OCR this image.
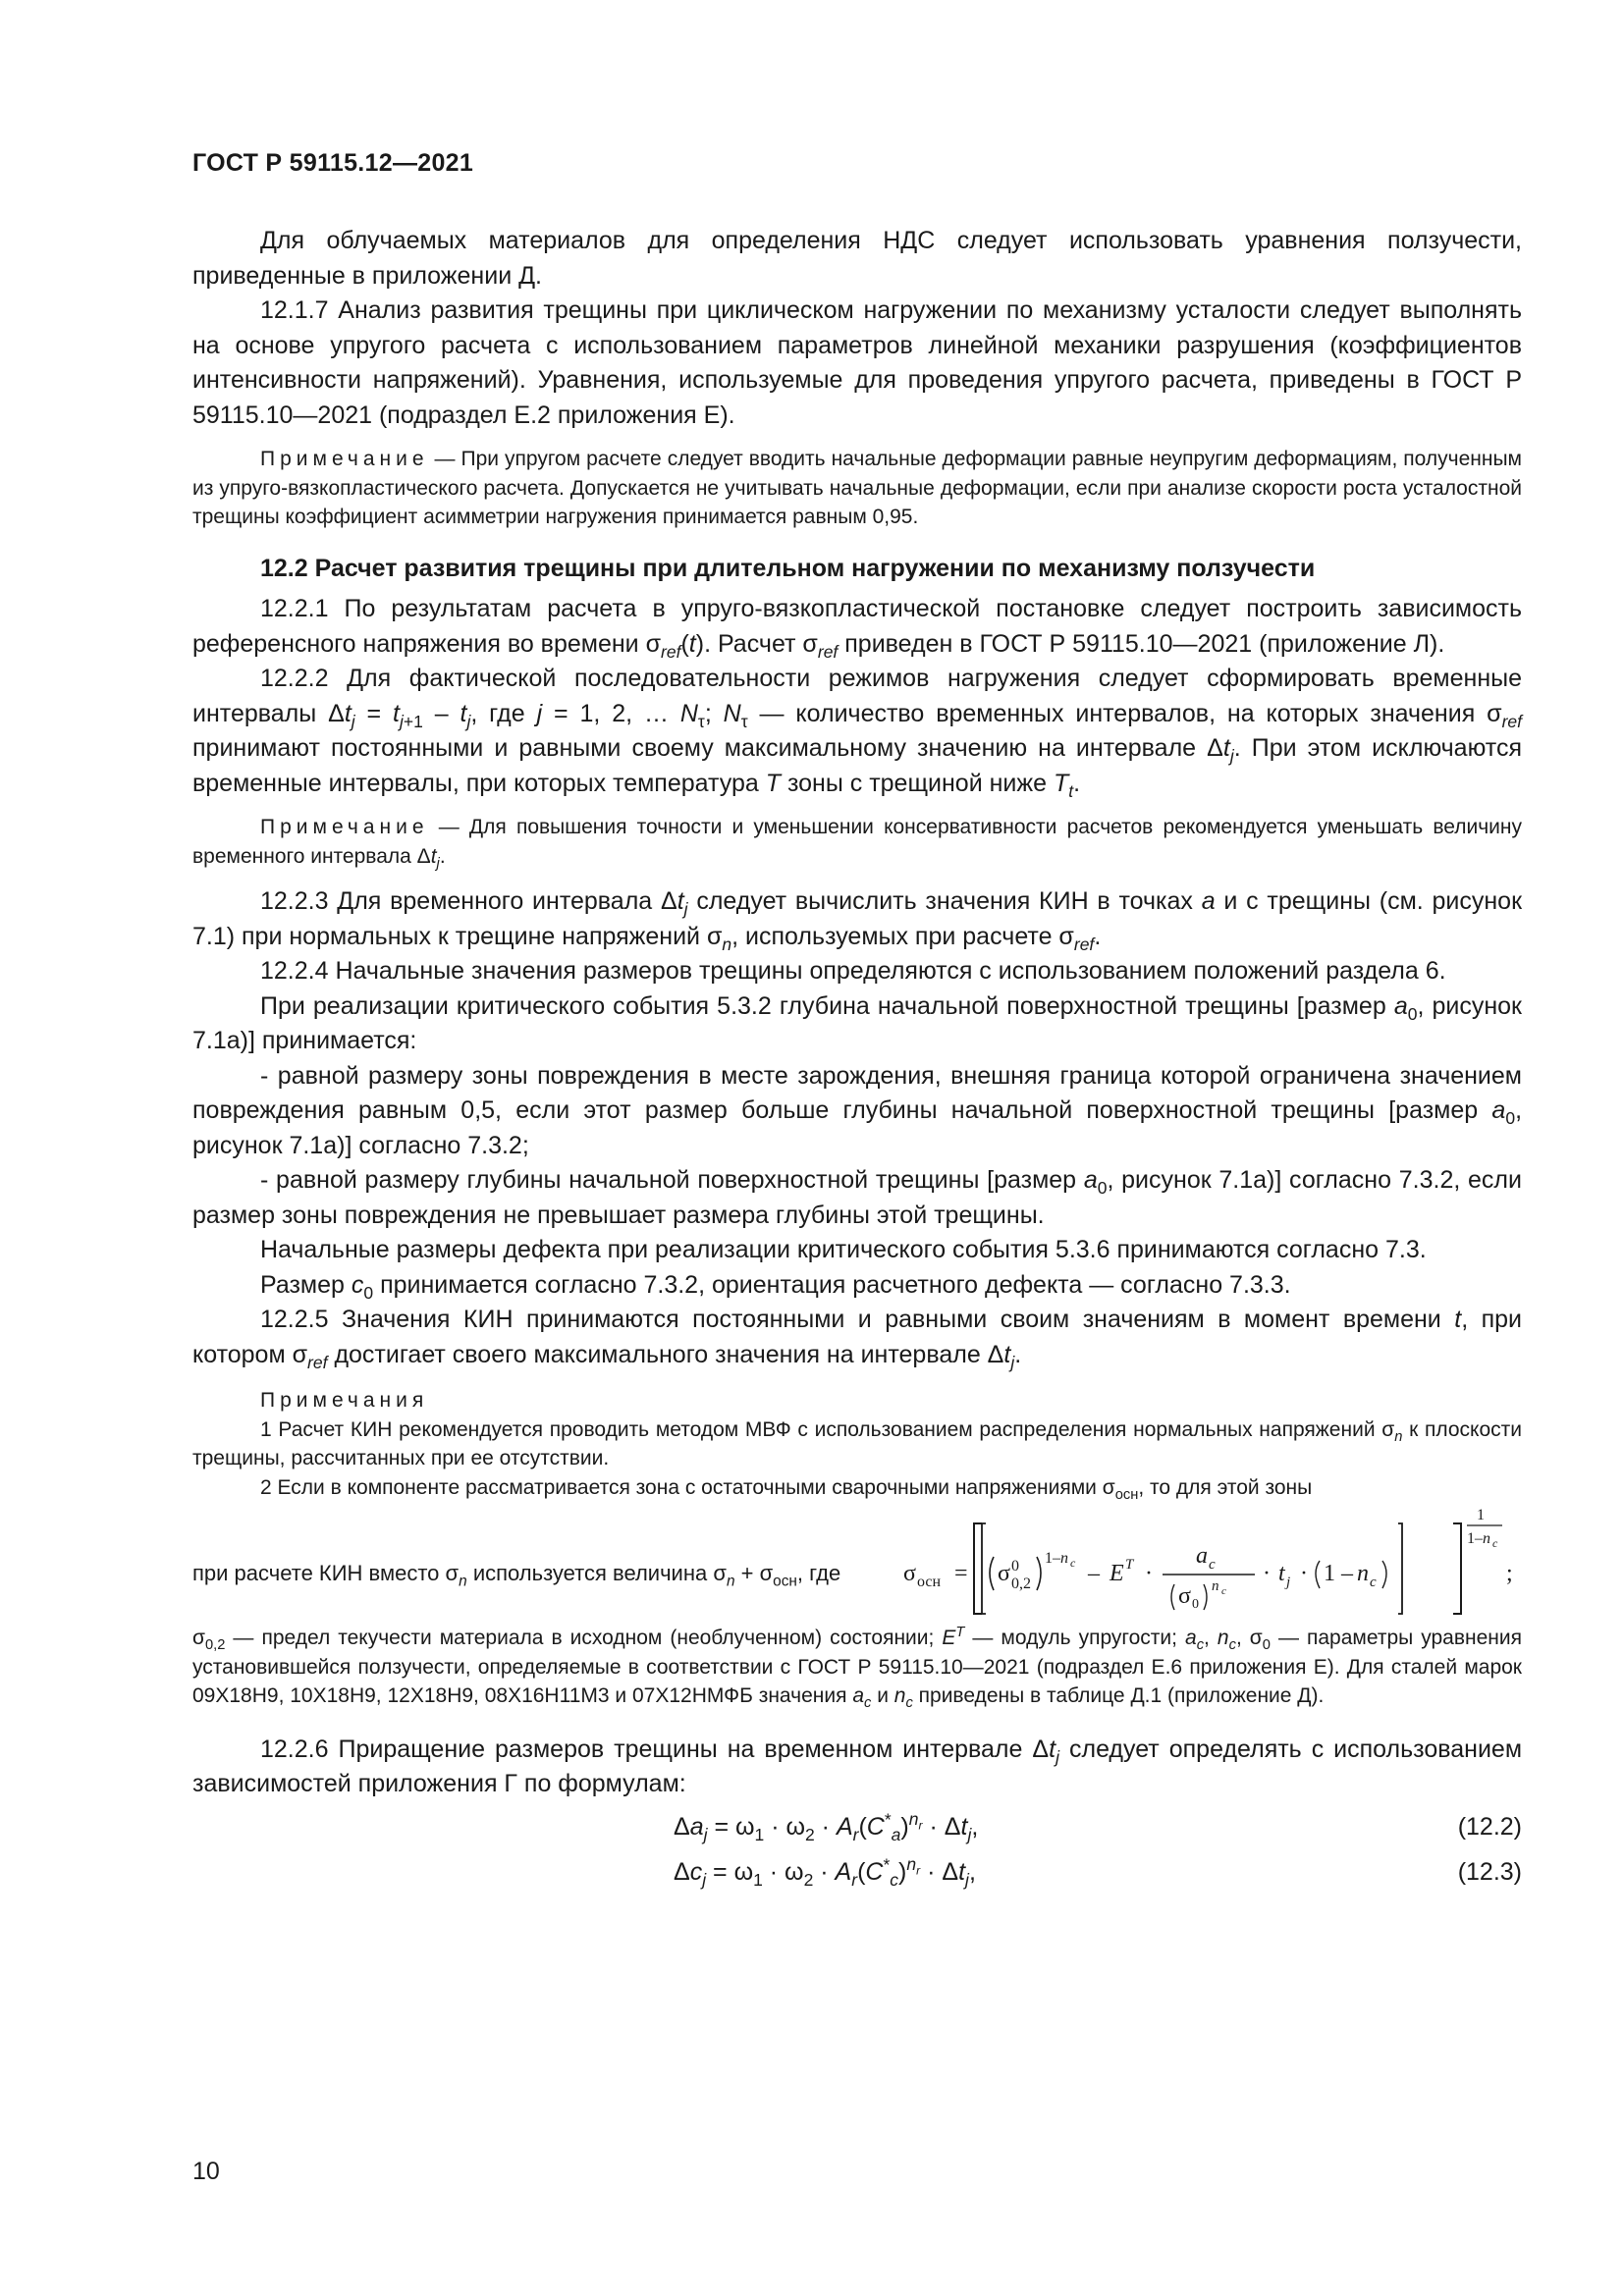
ГОСТ Р 59115.12—2021

Для облучаемых материалов для определения НДС следует использовать уравнения ползучести, приведенные в приложении Д.

12.1.7 Анализ развития трещины при циклическом нагружении по механизму усталости следует выполнять на основе упругого расчета с использованием параметров линейной механики разрушения (коэффициентов интенсивности напряжений). Уравнения, используемые для проведения упругого расчета, приведены в ГОСТ Р 59115.10—2021 (подраздел Е.2 приложения Е).

Примечание — При упругом расчете следует вводить начальные деформации равные неупругим деформациям, полученным из упруго-вязкопластического расчета. Допускается не учитывать начальные деформации, если при анализе скорости роста усталостной трещины коэффициент асимметрии нагружения принимается равным 0,95.

12.2 Расчет развития трещины при длительном нагружении по механизму ползучести

12.2.1 По результатам расчета в упруго-вязкопластической постановке следует построить зависимость референсного напряжения во времени $\sigma_{ref}(t)$. Расчет $\sigma_{ref}$ приведен в ГОСТ Р 59115.10—2021 (приложение Л).

12.2.2 Для фактической последовательности режимов нагружения следует сформировать временные интервалы $\Delta t_j = t_{j+1} - t_j$, где j = 1, 2, … $N_\tau$; $N_\tau$ — количество временных интервалов, на которых значения $\sigma_{ref}$ принимают постоянными и равными своему максимальному значению на интервале $\Delta t_j$. При этом исключаются временные интервалы, при которых температура T зоны с трещиной ниже $T_t$.

Примечание — Для повышения точности и уменьшении консервативности расчетов рекомендуется уменьшать величину временного интервала $\Delta t_j$.

12.2.3 Для временного интервала $\Delta t_j$ следует вычислить значения КИН в точках a и с трещины (см. рисунок 7.1) при нормальных к трещине напряжений $\sigma_n$, используемых при расчете $\sigma_{ref}$.

12.2.4 Начальные значения размеров трещины определяются с использованием положений раздела 6.

При реализации критического события 5.3.2 глубина начальной поверхностной трещины [размер $a_0$, рисунок 7.1а)] принимается:

- равной размеру зоны повреждения в месте зарождения, внешняя граница которой ограничена значением повреждения равным 0,5, если этот размер больше глубины начальной поверхностной трещины [размер $a_0$, рисунок 7.1а)] согласно 7.3.2;

- равной размеру глубины начальной поверхностной трещины [размер $a_0$, рисунок 7.1а)] согласно 7.3.2, если размер зоны повреждения не превышает размера глубины этой трещины.

Начальные размеры дефекта при реализации критического события 5.3.6 принимаются согласно 7.3.

Размер $c_0$ принимается согласно 7.3.2, ориентация расчетного дефекта — согласно 7.3.3.

12.2.5 Значения КИН принимаются постоянными и равными своим значениям в момент времени t, при котором $\sigma_{ref}$ достигает своего максимального значения на интервале $\Delta t_j$.

Примечания
1 Расчет КИН рекомендуется проводить методом МВФ с использованием распределения нормальных напряжений $\sigma_n$ к плоскости трещины, рассчитанных при ее отсутствии.
2 Если в компоненте рассматривается зона с остаточными сварочными напряжениями $\sigma_{осн}$, то для этой зоны
при расчете КИН вместо $\sigma_n$ используется величина $\sigma_n + \sigma_{осн}$, где	σ осн = σ 0
0,2
1– n c – E T ·
a c
σ 0
n c
· t j · 1 – n c
1
1– n c
;
$\sigma_{0,2}$ — предел текучести материала в исходном (необлученном) состоянии; $E^T$ — модуль упругости; $a_c$, $n_c$, $\sigma_0$ — параметры уравнения установившейся ползучести, определяемые в соответствии с ГОСТ Р 59115.10—2021 (подраздел Е.6 приложения Е). Для сталей марок 09Х18Н9, 10Х18Н9, 12Х18Н9, 08Х16Н11М3 и 07Х12НМФБ значения $a_c$ и $n_c$ приведены в таблице Д.1 (приложение Д).

12.2.6 Приращение размеров трещины на временном интервале $\Delta t_j$ следует определять с использованием зависимостей приложения Г по формулам:

$\Delta a_j = \omega_1 \cdot \omega_2 \cdot A_r(C^*_a)^{n_r} \cdot \Delta t_j$,	(12.2)
$\Delta c_j = \omega_1 \cdot \omega_2 \cdot A_r(C^*_c)^{n_r} \cdot \Delta t_j$,	(12.3)
10
